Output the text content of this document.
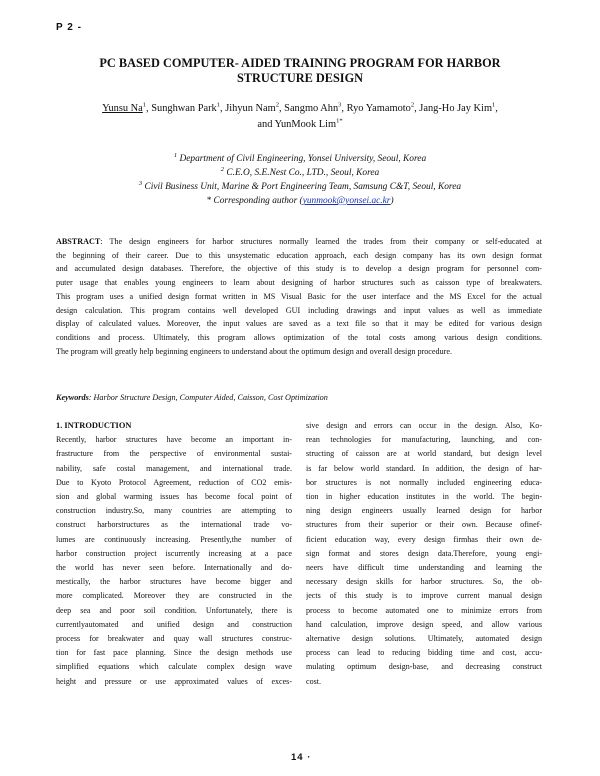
P 2 -
PC BASED COMPUTER- AIDED TRAINING PROGRAM FOR HARBOR
STRUCTURE DESIGN
Yunsu Na$^1$, Sunghwan Park$^1$, Jihyun Nam$^2$, Sangmo Ahn$^3$, Ryo Yamamoto$^2$, Jang-Ho Jay Kim$^1$,
and YunMook Lim$^{1*}$
$^1$ Department of Civil Engineering, Yonsei University, Seoul, Korea
$^2$ C.E.O, S.E.Nest Co., LTD., Seoul, Korea
$^3$ Civil Business Unit, Marine & Port Engineering Team, Samsung C&T, Seoul, Korea
* Corresponding author (yunmook@yonsei.ac.kr)
ABSTRACT: The design engineers for harbor structures normally learned the trades from their company or self-educated at
the beginning of their career. Due to this unsystematic education approach, each design company has its own design format
and accumulated design databases. Therefore, the objective of this study is to develop a design program for personnel com-
puter usage that enables young engineers to learn about designing of harbor structures such as caisson type of breakwaters.
This program uses a unified design format written in MS Visual Basic for the user interface and the MS Excel for the actual
design calculation. This program contains well developed GUI including drawings and input values as well as immediate
display of calculated values. Moreover, the input values are saved as a text file so that it may be edited for various design
conditions and process. Ultimately, this program allows optimization of the total costs among various design conditions.
The program will greatly help beginning engineers to understand about the optimum design and overall design procedure.
Keywords: Harbor Structure Design, Computer Aided, Caisson, Cost Optimization
1. INTRODUCTION
Recently, harbor structures have become an important in-
frastructure from the perspective of environmental sustai-
nability, safe costal management, and international trade.
Due to Kyoto Protocol Agreement, reduction of CO2 emis-
sion and global warming issues has become focal point of
construction industry.So, many countries are attempting to
construct harborstructures as the international trade vo-
lumes are continuously increasing. Presently,the number of
harbor construction project iscurrently increasing at a pace
the world has never seen before. Internationally and do-
mestically, the harbor structures have become bigger and
more complicated. Moreover they are constructed in the
deep sea and poor soil condition. Unfortunately, there is
currentlyautomated and unified design and construction
process for breakwater and quay wall structures construc-
tion for fast pace planning. Since the design methods use
simplified equations which calculate complex design wave
height and pressure or use approximated values of exces-
sive design and errors can occur in the design. Also, Ko-
rean technologies for manufacturing, launching, and con-
structing of caisson are at world standard, but design level
is far below world standard. In addition, the design of har-
bor structures is not normally included engineering educa-
tion in higher education institutes in the world. The begin-
ning design engineers usually learned design for harbor
structures from their superior or their own. Because ofinef-
ficient education way, every design firmhas their own de-
sign format and stores design data.Therefore, young engi-
neers have difficult time understanding and learning the
necessary design skills for harbor structures. So, the ob-
jects of this study is to improve current manual design
process to become automated one to minimize errors from
hand calculation, improve design speed, and allow various
alternative design solutions. Ultimately, automated design
process can lead to reducing bidding time and cost, accu-
mulating optimum design-base, and decreasing construct
cost.
14 ·
